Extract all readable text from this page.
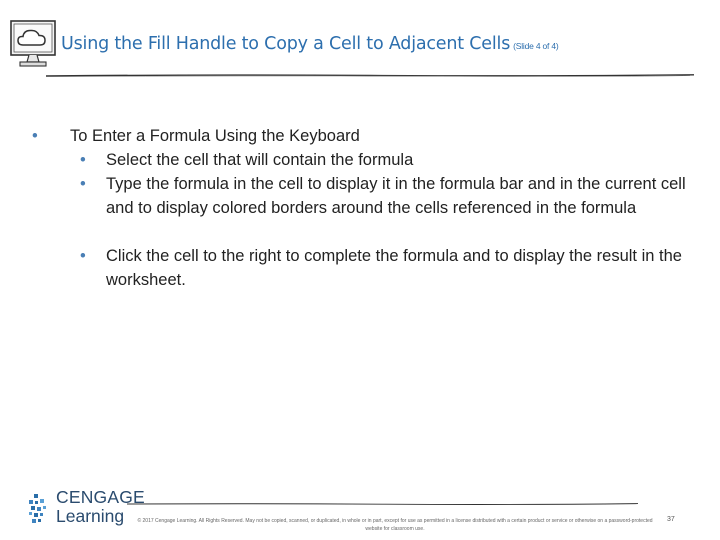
Using the Fill Handle to Copy a Cell to Adjacent Cells (Slide 4 of 4)
• To Enter a Formula Using the Keyboard
• Select the cell that will contain the formula
• Type the formula in the cell to display it in the formula bar and in the current cell and to display colored borders around the cells referenced in the formula
• Click the cell to the right to complete the formula and to display the result in the worksheet.
CENGAGE
Learning	© 2017 Cengage Learning. All Rights Reserved. May not be copied, scanned, or duplicated, in whole or in part, except for use as permitted in a license distributed with a certain product or service or otherwise on a password-protected website for classroom use.
37
